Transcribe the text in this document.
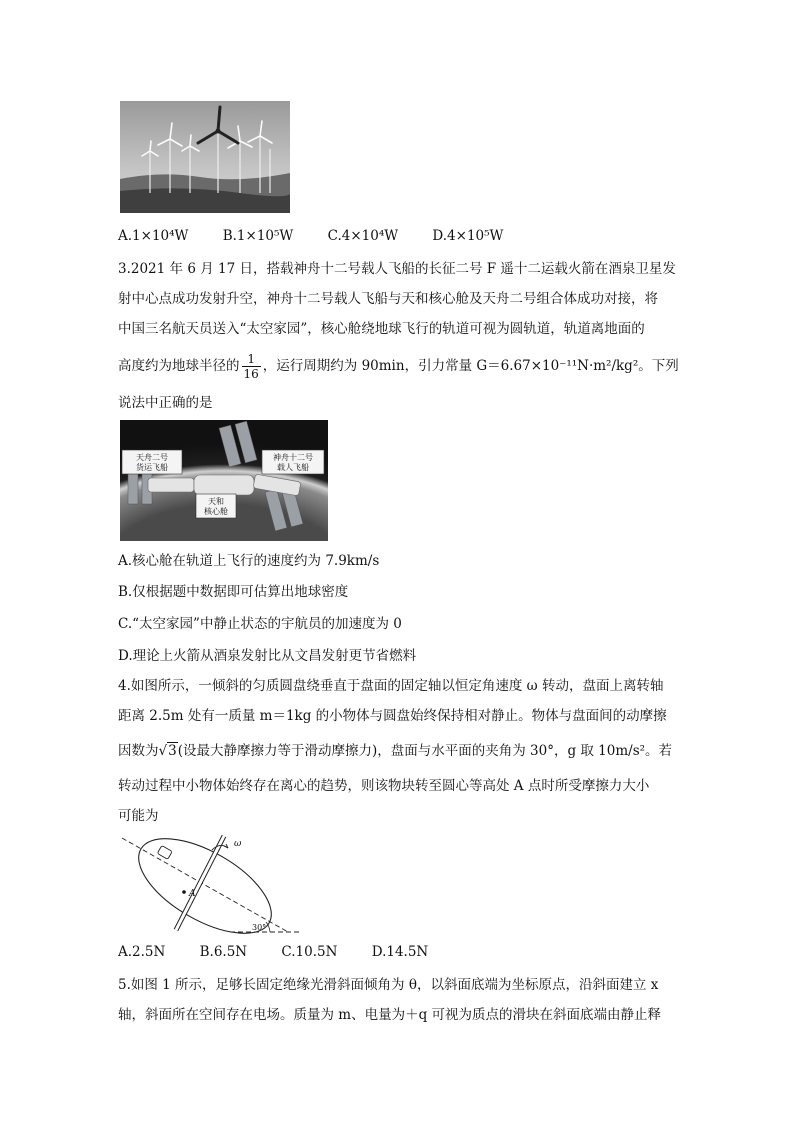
A.1×10⁴W	B.1×10⁵W	C.4×10⁴W	D.4×10⁵W
3.2021 年 6 月 17 日，搭载神舟十二号载人飞船的长征二号 F 遥十二运载火箭在酒泉卫星发
射中心点成功发射升空，神舟十二号载人飞船与天和核心舱及天舟二号组合体成功对接，将
中国三名航天员送入“太空家园”，核心舱绕地球飞行的轨道可视为圆轨道，轨道离地面的
高度约为地球半径的 $\frac{1}{16}$ ，运行周期约为 90min，引力常量 G＝6.67×10⁻¹¹N·m²/kg²。下列
说法中正确的是
天舟二号
货运飞船
神舟十二号
载人飞船
天和
核心舱
A.核心舱在轨道上飞行的速度约为 7.9km/s
B.仅根据题中数据即可估算出地球密度
C.“太空家园”中静止状态的宇航员的加速度为 0
D.理论上火箭从酒泉发射比从文昌发射更节省燃料
4.如图所示，一倾斜的匀质圆盘绕垂直于盘面的固定轴以恒定角速度 ω 转动，盘面上离转轴
距离 2.5m 处有一质量 m＝1kg 的小物体与圆盘始终保持相对静止。物体与盘面间的动摩擦
因数为√3(设最大静摩擦力等于滑动摩擦力)，盘面与水平面的夹角为 30°，g 取 10m/s²。若
转动过程中小物体始终存在离心的趋势，则该物块转至圆心等高处 A 点时所受摩擦力大小
可能为
ω
A
30°
A.2.5N	B.6.5N	C.10.5N	D.14.5N
5.如图 1 所示，足够长固定绝缘光滑斜面倾角为 θ，以斜面底端为坐标原点，沿斜面建立 x
轴，斜面所在空间存在电场。质量为 m、电量为＋q 可视为质点的滑块在斜面底端由静止释
